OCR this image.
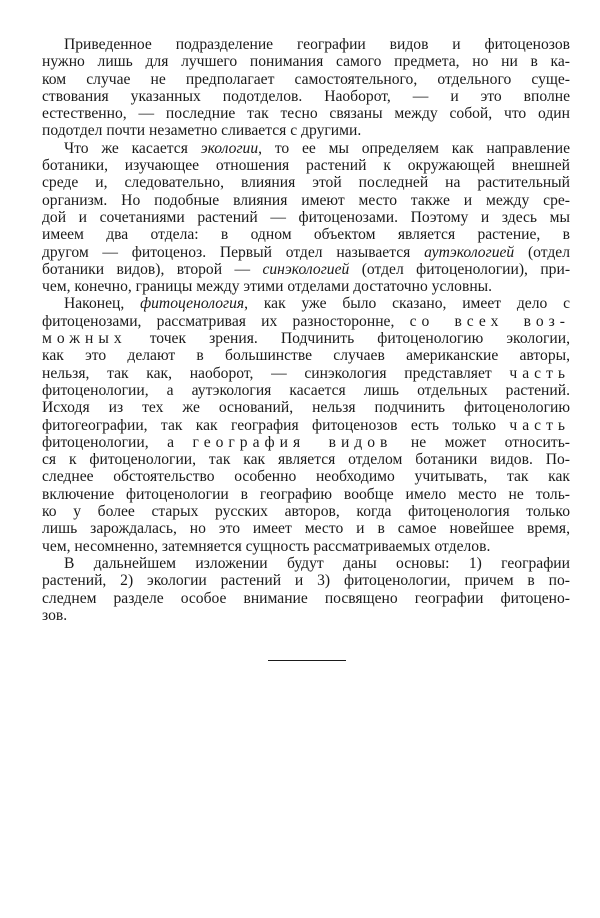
Приведенное подразделение географии видов и фитоценозов
нужно лишь для лучшего понимания самого предмета, но ни в ка-
ком случае не предполагает самостоятельного, отдельного суще-
ствования указанных подотделов. Наоборот, — и это вполне
естественно, — последние так тесно связаны между собой, что один
подотдел почти незаметно сливается с другими.
Что же касается экологии, то ее мы определяем как направление
ботаники, изучающее отношения растений к окружающей внешней
среде и, следовательно, влияния этой последней на растительный
организм. Но подобные влияния имеют место также и между сре-
дой и сочетаниями растений — фитоценозами. Поэтому и здесь мы
имеем два отдела: в одном объектом является растение, в
другом — фитоценоз. Первый отдел называется аутэкологией (отдел
ботаники видов), второй — синэкологией (отдел фитоценологии), при-
чем, конечно, границы между этими отделами достаточно условны.
Наконец, фитоценология, как уже было сказано, имеет дело с
фитоценозами, рассматривая их разносторонне, со всех воз-
можных точек зрения. Подчинить фитоценологию экологии,
как это делают в большинстве случаев американские авторы,
нельзя, так как, наоборот, — синэкология представляет часть
фитоценологии, а аутэкология касается лишь отдельных растений.
Исходя из тех же оснований, нельзя подчинить фитоценологию
фитогеографии, так как география фитоценозов есть только часть
фитоценологии, а география видов не может относить-
ся к фитоценологии, так как является отделом ботаники видов. По-
следнее обстоятельство особенно необходимо учитывать, так как
включение фитоценологии в географию вообще имело место не толь-
ко у более старых русских авторов, когда фитоценология только
лишь зарождалась, но это имеет место и в самое новейшее время,
чем, несомненно, затемняется сущность рассматриваемых отделов.
В дальнейшем изложении будут даны основы: 1) географии
растений, 2) экологии растений и 3) фитоценологии, причем в по-
следнем разделе особое внимание посвящено географии фитоцено-
зов.
